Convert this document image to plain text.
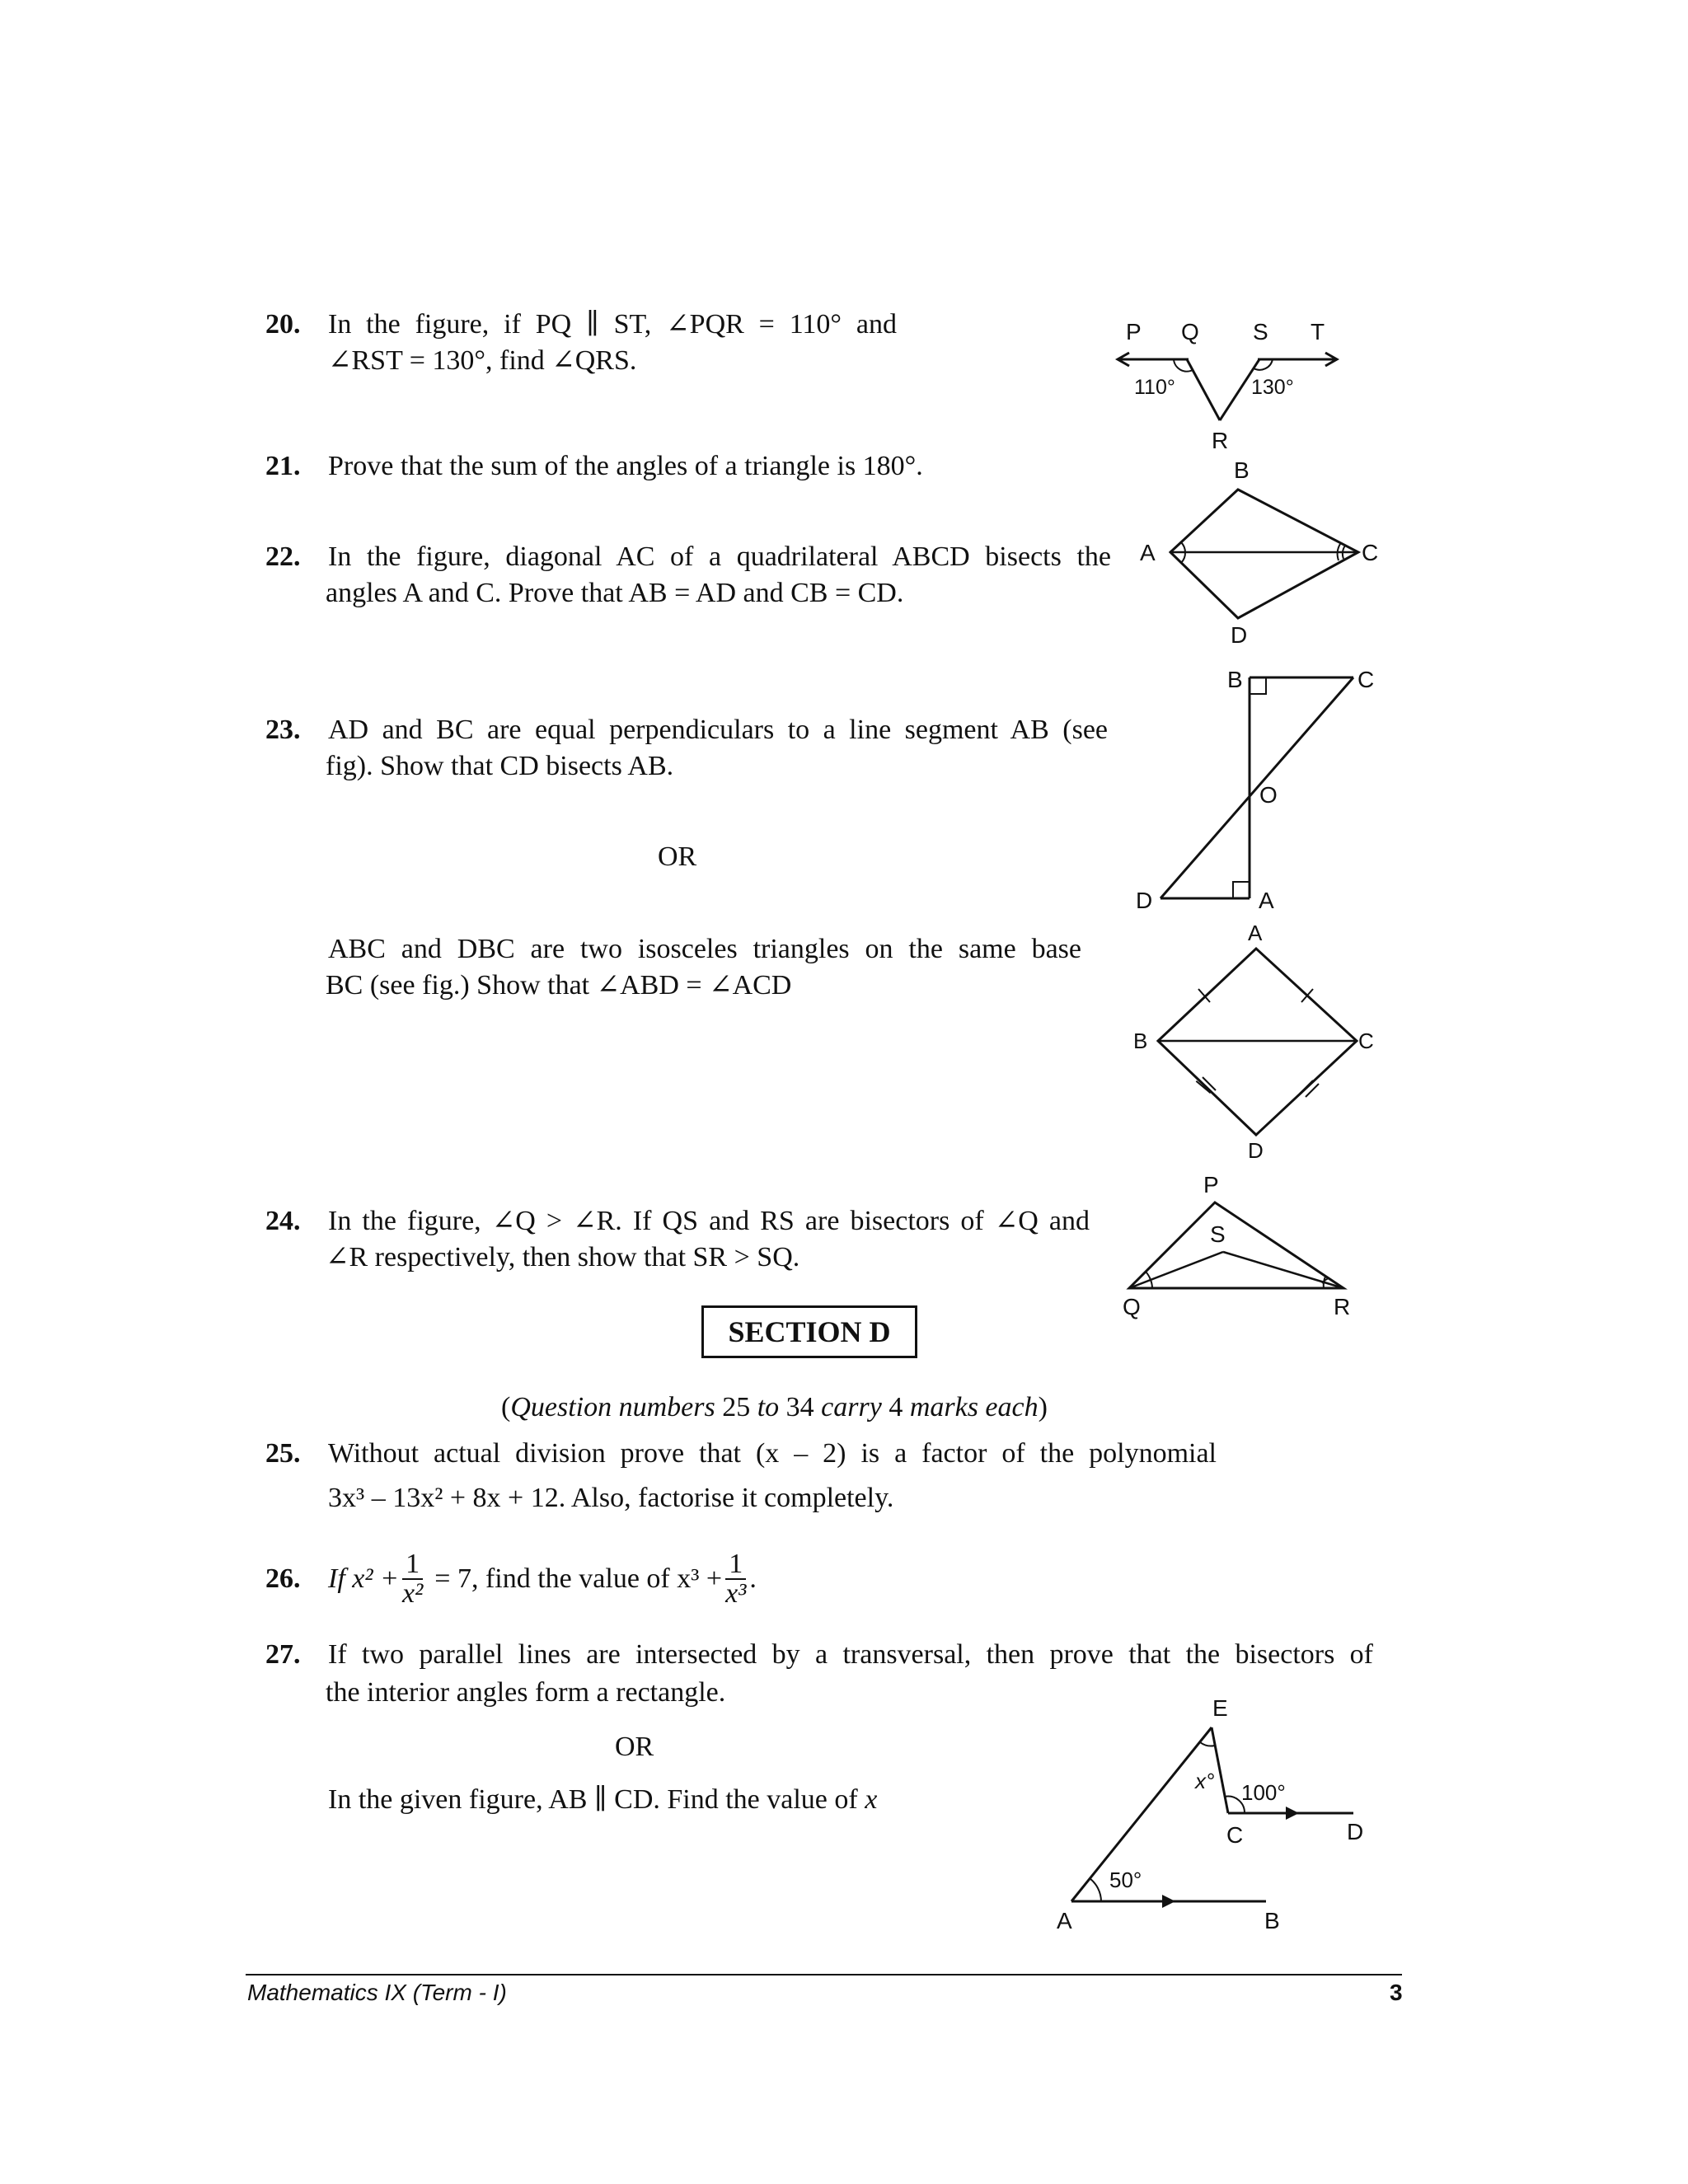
20. In the figure, if PQ ∥ ST, ∠PQR = 110° and
∠RST = 130°, find ∠QRS.
P Q S T
110°	130°
R
21. Prove that the sum of the angles of a triangle is 180°.
22. In the figure, diagonal AC of a quadrilateral ABCD bisects the
angles A and C. Prove that AB = AD and CB = CD.
B
A	C
D
23. AD and BC are equal perpendiculars to a line segment AB (see
fig). Show that CD bisects AB.
OR
ABC and DBC are two isosceles triangles on the same base
BC (see fig.) Show that ∠ABD = ∠ACD
B	C
O
D	A
A
B	C
D
24. In the figure, ∠Q > ∠R. If QS and RS are bisectors of ∠Q and
∠R respectively, then show that SR > SQ.
P
S
Q	R
SECTION D
(Question numbers 25 to 34 carry 4 marks each)
25. Without actual division prove that (x – 2) is a factor of the polynomial
3x³ – 13x² + 8x + 12. Also, factorise it completely.
26. If $x^2 + \frac{1}{\text{x²}} = 7$, find the value of $x^3 + \frac{1}{\text{x³}}$ .
27. If two parallel lines are intersected by a transversal, then prove that the bisectors of
the interior angles form a rectangle.
OR
In the given figure, AB ∥ CD. Find the value of x
E
x° 100°
C	D
50°
A	B
Mathematics IX (Term - I)	3
